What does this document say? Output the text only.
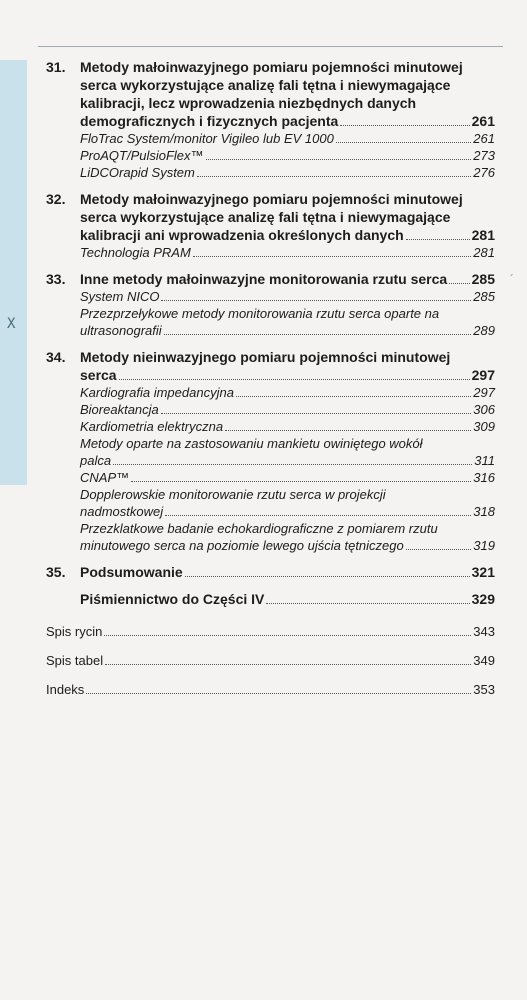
X
´
31. Metody małoinwazyjnego pomiaru pojemności minutowej
serca wykorzystujące analizę fali tętna i niewymagające
kalibracji, lecz wprowadzenia niezbędnych danych
demograficznych i fizycznych pacjenta	261
FloTrac System/monitor Vigileo lub EV 1000	261
ProAQT/PulsioFlex™	273
LiDCOrapid System	276
32. Metody małoinwazyjnego pomiaru pojemności minutowej
serca wykorzystujące analizę fali tętna i niewymagające
kalibracji ani wprowadzenia określonych danych	281
Technologia PRAM	281
33. Inne metody małoinwazyjne monitorowania rzutu serca 285
System NICO	285
Przezprzełykowe metody monitorowania rzutu serca oparte na
ultrasonografii	289
34. Metody nieinwazyjnego pomiaru pojemności minutowej
serca	297
Kardiografia impedancyjna	297
Bioreaktancja	306
Kardiometria elektryczna	309
Metody oparte na zastosowaniu mankietu owiniętego wokół
palca	311
CNAP™	316
Dopplerowskie monitorowanie rzutu serca w projekcji
nadmostkowej	318
Przezklatkowe badanie echokardiograficzne z pomiarem rzutu
minutowego serca na poziomie lewego ujścia tętniczego	319
35. Podsumowanie	321
Piśmiennictwo do Części IV	329
Spis rycin	343
Spis tabel	349
Indeks	353
